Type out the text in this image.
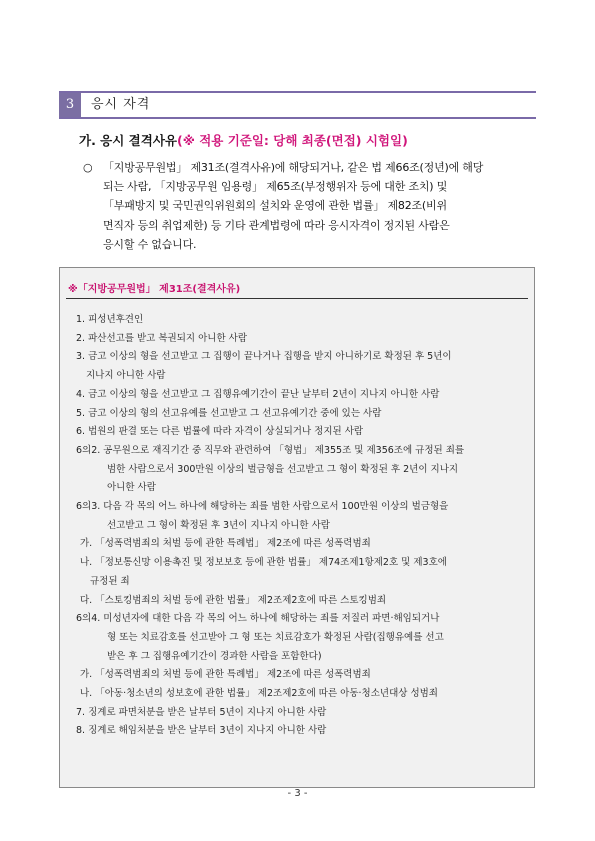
3	응시 자격
가. 응시 결격사유(※ 적용 기준일: 당해 최종(면접) 시험일)
○ 「지방공무원법」 제31조(결격사유)에 해당되거나, 같은 법 제66조(정년)에 해당
되는 사람, 「지방공무원 임용령」 제65조(부정행위자 등에 대한 조치) 및
「부패방지 및 국민권익위원회의 설치와 운영에 관한 법률」 제82조(비위
면직자 등의 취업제한) 등 기타 관계법령에 따라 응시자격이 정지된 사람은
응시할 수 없습니다.
※「지방공무원법」 제31조(결격사유)
1. 피성년후견인
2. 파산선고를 받고 복권되지 아니한 사람
3. 금고 이상의 형을 선고받고 그 집행이 끝나거나 집행을 받지 아니하기로 확정된 후 5년이
지나지 아니한 사람
4. 금고 이상의 형을 선고받고 그 집행유예기간이 끝난 날부터 2년이 지나지 아니한 사람
5. 금고 이상의 형의 선고유예를 선고받고 그 선고유예기간 중에 있는 사람
6. 법원의 판결 또는 다른 법률에 따라 자격이 상실되거나 정지된 사람
6의2. 공무원으로 재직기간 중 직무와 관련하여 「형법」 제355조 및 제356조에 규정된 죄를
범한 사람으로서 300만원 이상의 벌금형을 선고받고 그 형이 확정된 후 2년이 지나지
아니한 사람
6의3. 다음 각 목의 어느 하나에 해당하는 죄를 범한 사람으로서 100만원 이상의 벌금형을
선고받고 그 형이 확정된 후 3년이 지나지 아니한 사람
가. 「성폭력범죄의 처벌 등에 관한 특례법」 제2조에 따른 성폭력범죄
나. 「정보통신망 이용촉진 및 정보보호 등에 관한 법률」 제74조제1항제2호 및 제3호에
규정된 죄
다. 「스토킹범죄의 처벌 등에 관한 법률」 제2조제2호에 따른 스토킹범죄
6의4. 미성년자에 대한 다음 각 목의 어느 하나에 해당하는 죄를 저질러 파면·해임되거나
형 또는 치료감호를 선고받아 그 형 또는 치료감호가 확정된 사람(집행유예를 선고
받은 후 그 집행유예기간이 경과한 사람을 포함한다)
가. 「성폭력범죄의 처벌 등에 관한 특례법」 제2조에 따른 성폭력범죄
나. 「아동·청소년의 성보호에 관한 법률」 제2조제2호에 따른 아동·청소년대상 성범죄
7. 징계로 파면처분을 받은 날부터 5년이 지나지 아니한 사람
8. 징계로 해임처분을 받은 날부터 3년이 지나지 아니한 사람
- 3 -
